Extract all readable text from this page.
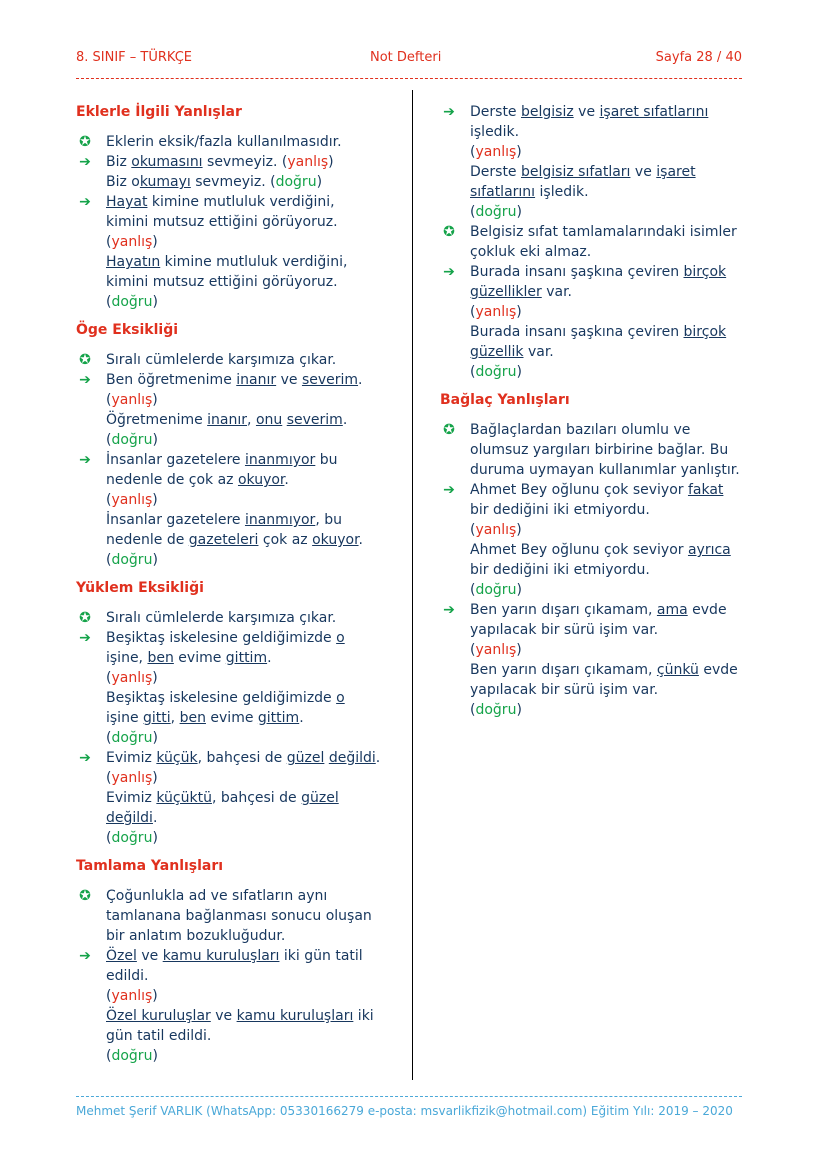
8. SINIF – TÜRKÇE	Not Defteri	Sayfa 28 / 40
Eklerle İlgili Yanlışlar
✪ Eklerin eksik/fazla kullanılmasıdır.
➔ Biz okumasını sevmeyiz. (yanlış)
Biz okumayı sevmeyiz. (doğru)
➔ Hayat kimine mutluluk verdiğini,
kimini mutsuz ettiğini görüyoruz.
(yanlış)
Hayatın kimine mutluluk verdiğini,
kimini mutsuz ettiğini görüyoruz.
(doğru)
Öge Eksikliği
✪ Sıralı cümlelerde karşımıza çıkar.
➔ Ben öğretmenime inanır ve severim.
(yanlış)
Öğretmenime inanır, onu severim.
(doğru)
➔ İnsanlar gazetelere inanmıyor bu
nedenle de çok az okuyor.
(yanlış)
İnsanlar gazetelere inanmıyor, bu
nedenle de gazeteleri çok az okuyor.
(doğru)
Yüklem Eksikliği
✪ Sıralı cümlelerde karşımıza çıkar.
➔ Beşiktaş iskelesine geldiğimizde o
işine, ben evime gittim.
(yanlış)
Beşiktaş iskelesine geldiğimizde o
işine gitti, ben evime gittim.
(doğru)
➔ Evimiz küçük, bahçesi de güzel değildi.
(yanlış)
Evimiz küçüktü, bahçesi de güzel
değildi.
(doğru)
Tamlama Yanlışları
✪ Çoğunlukla ad ve sıfatların aynı
tamlanana bağlanması sonucu oluşan
bir anlatım bozukluğudur.
➔ Özel ve kamu kuruluşları iki gün tatil
edildi.
(yanlış)
Özel kuruluşlar ve kamu kuruluşları iki
gün tatil edildi.
(doğru)
➔ Derste belgisiz ve işaret sıfatlarını
işledik.
(yanlış)
Derste belgisiz sıfatları ve işaret
sıfatlarını işledik.
(doğru)
✪ Belgisiz sıfat tamlamalarındaki isimler
çokluk eki almaz.
➔ Burada insanı şaşkına çeviren birçok
güzellikler var.
(yanlış)
Burada insanı şaşkına çeviren birçok
güzellik var.
(doğru)
Bağlaç Yanlışları
✪ Bağlaçlardan bazıları olumlu ve
olumsuz yargıları birbirine bağlar. Bu
duruma uymayan kullanımlar yanlıştır.
➔ Ahmet Bey oğlunu çok seviyor fakat
bir dediğini iki etmiyordu.
(yanlış)
Ahmet Bey oğlunu çok seviyor ayrıca
bir dediğini iki etmiyordu.
(doğru)
➔ Ben yarın dışarı çıkamam, ama evde
yapılacak bir sürü işim var.
(yanlış)
Ben yarın dışarı çıkamam, çünkü evde
yapılacak bir sürü işim var.
(doğru)
Mehmet Şerif VARLIK (WhatsApp: 05330166279 e-posta: msvarlikfizik@hotmail.com) Eğitim Yılı: 2019 – 2020
